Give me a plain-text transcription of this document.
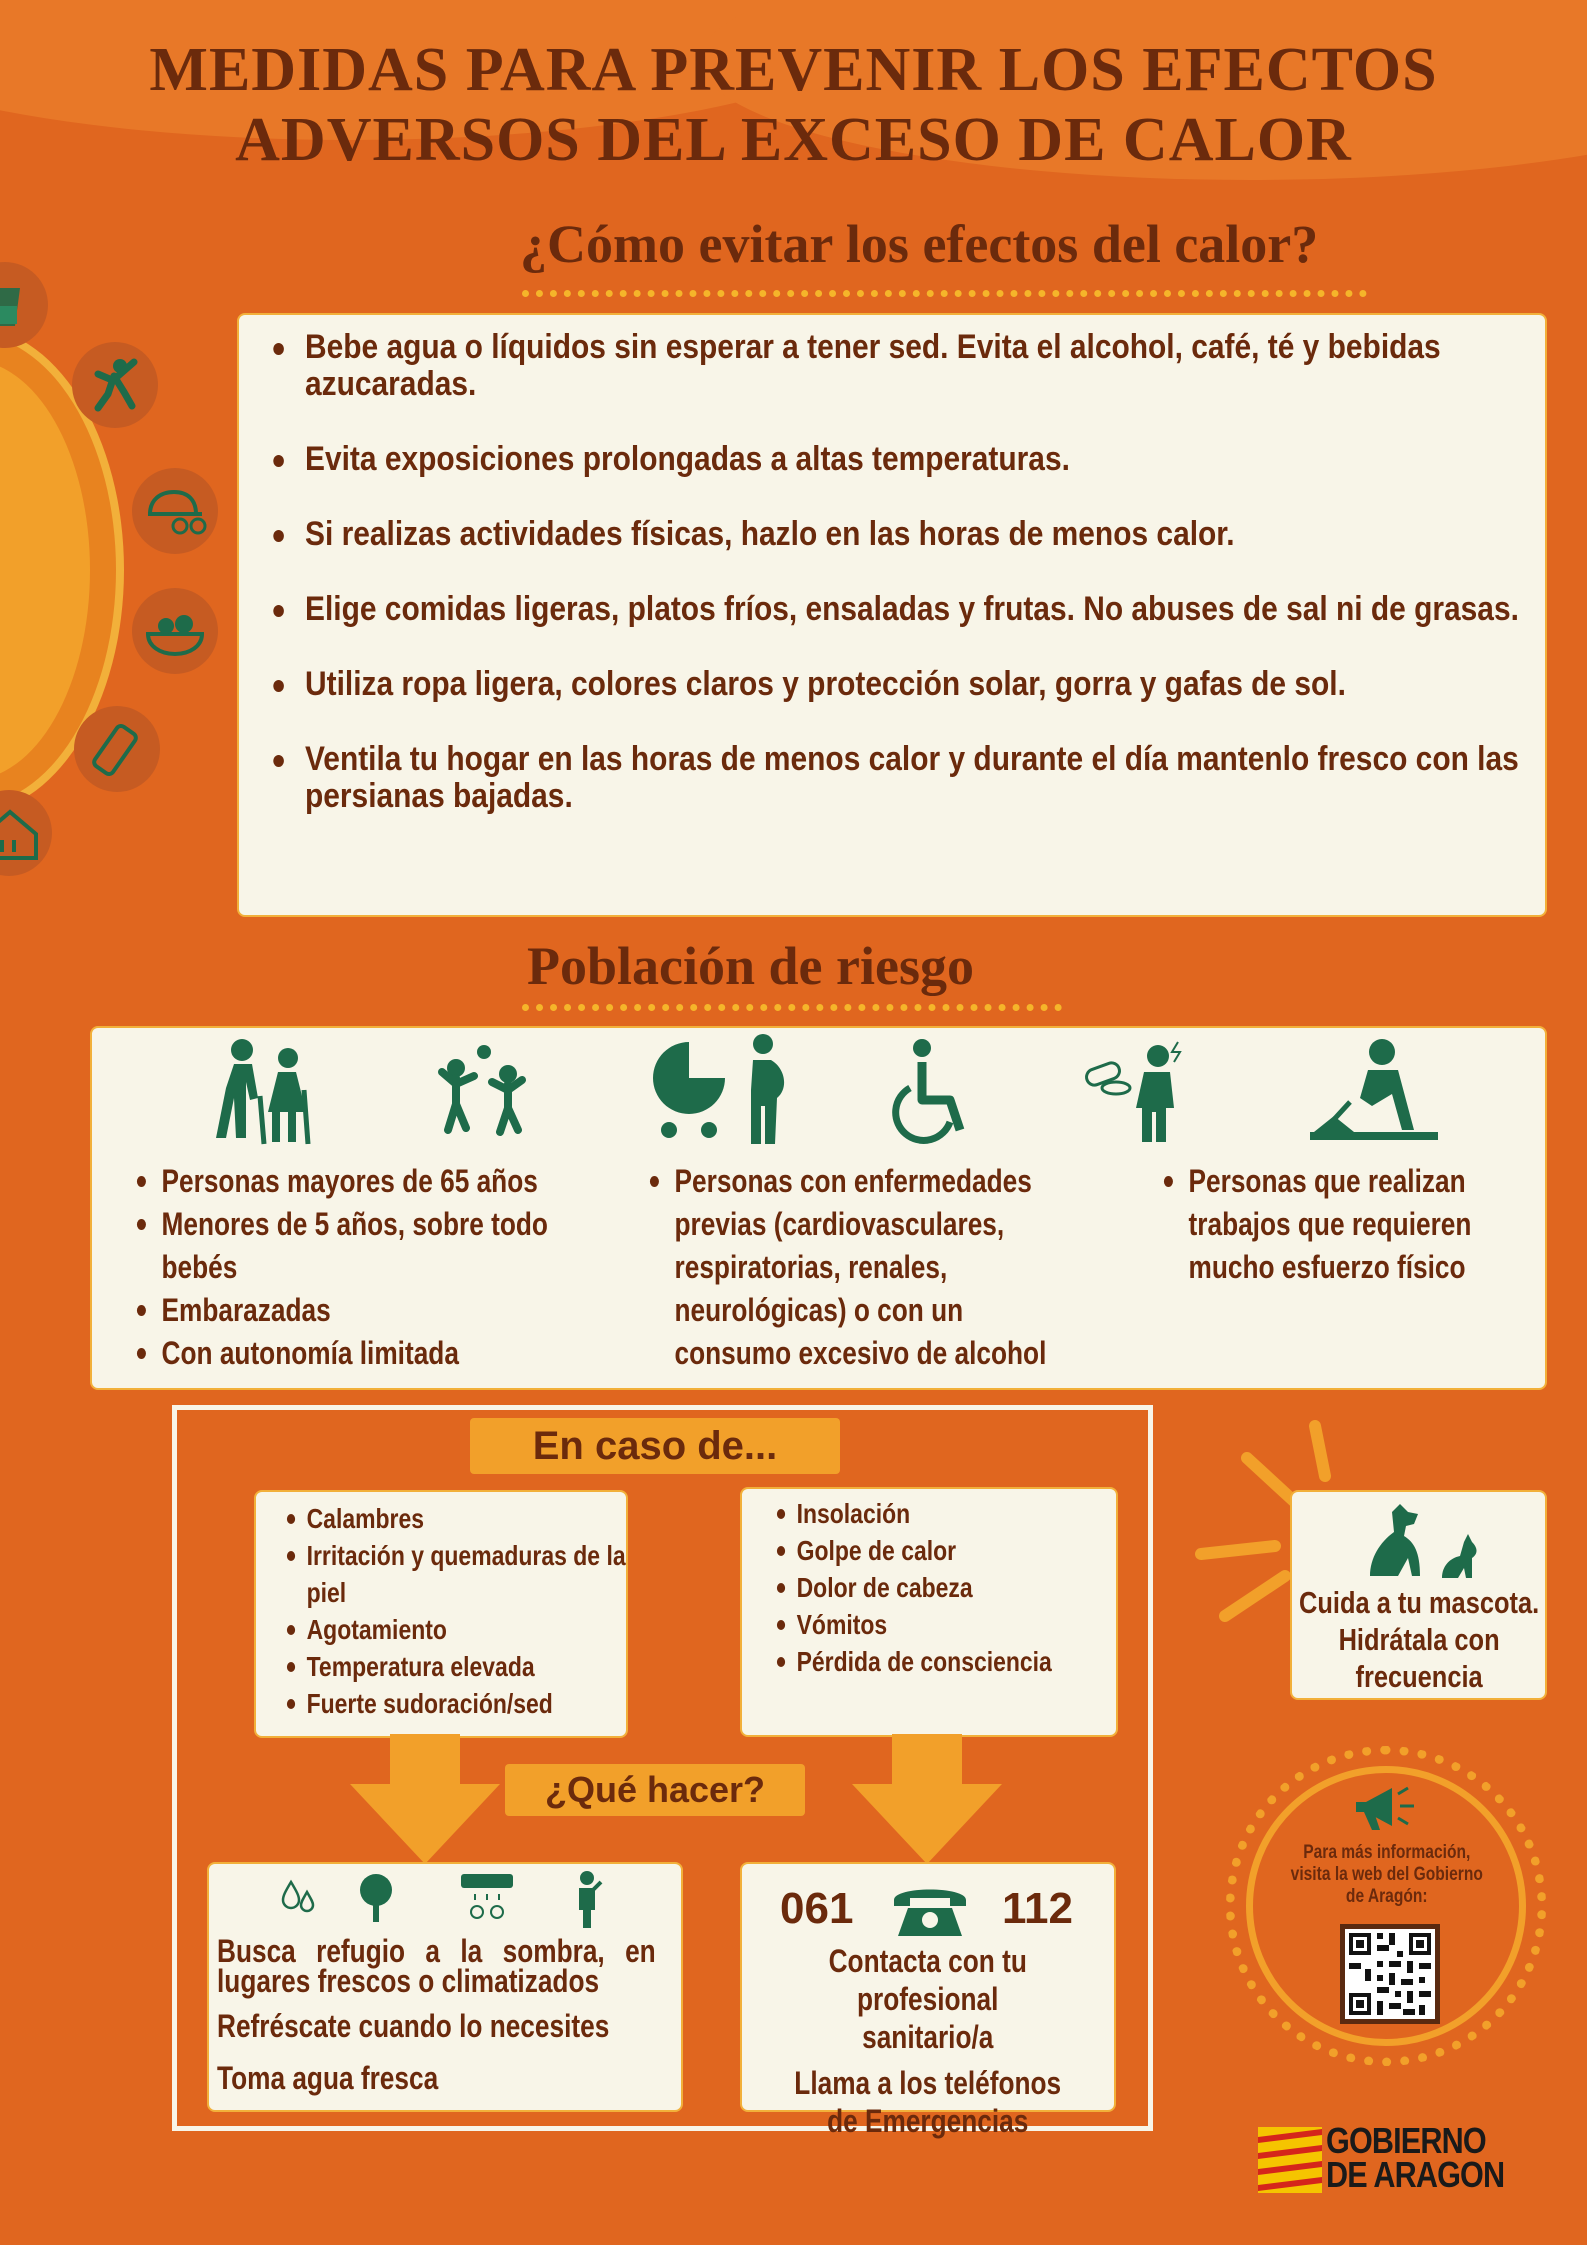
MEDIDAS PARA PREVENIR LOS EFECTOS
ADVERSOS DEL EXCESO DE CALOR
¿Cómo evitar los efectos del calor?
Bebe agua o líquidos sin esperar a tener sed. Evita el alcohol, café, té y bebidas azucaradas.
Evita exposiciones prolongadas a altas temperaturas.
Si realizas actividades físicas, hazlo en las horas de menos calor.
Elige comidas ligeras, platos fríos, ensaladas y frutas. No abuses de sal ni de grasas.
Utiliza ropa ligera, colores claros y protección solar, gorra y gafas de sol.
Ventila tu hogar en las horas de menos calor y durante el día mantenlo fresco con las persianas bajadas.
Población de riesgo
Personas mayores de 65 años
Menores de 5 años, sobre todo bebés
Embarazadas
Con autonomía limitada
Personas con enfermedades previas (cardiovasculares, respiratorias, renales, neurológicas) o con un consumo excesivo de alcohol
Personas que realizan trabajos que requieren mucho esfuerzo físico
En caso de...
Calambres
Irritación y quemaduras de la piel
Agotamiento
Temperatura elevada
Fuerte sudoración/sed
Insolación
Golpe de calor
Dolor de cabeza
Vómitos
Pérdida de consciencia
¿Qué hacer?
Busca refugio a la sombra, en lugares frescos o climatizados
Refréscate cuando lo necesites
Toma agua fresca
061	112
Contacta con tu profesional sanitario/a
Llama a los teléfonos de Emergencias
Cuida a tu mascota. Hidrátala con frecuencia
Para más información, visita la web del Gobierno de Aragón:
GOBIERNO
DE ARAGON
